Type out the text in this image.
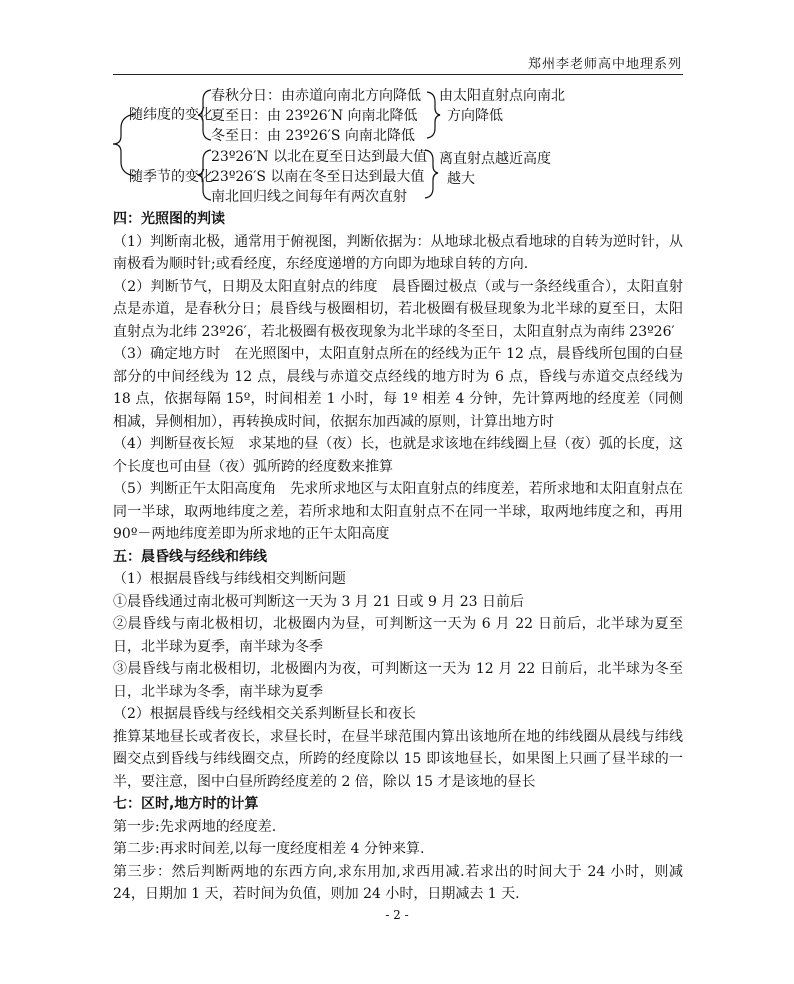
郑州李老师高中地理系列
随纬度的变化
春秋分日：由赤道向南北方向降低
夏至日：由 23º26′N 向南北降低
冬至日：由 23º26′S 向南北降低
由太阳直射点向南北
方向降低
随季节的变化
23º26′N 以北在夏至日达到最大值
23º26′S 以南在冬至日达到最大值
南北回归线之间每年有两次直射
离直射点越近高度
越大
四：光照图的判读

（1）判断南北极，通常用于俯视图，判断依据为：从地球北极点看地球的自转为逆时针，从南极看为顺时针;或看经度，东经度递增的方向即为地球自转的方向.

（2）判断节气，日期及太阳直射点的纬度　晨昏圈过极点（或与一条经线重合），太阳直射点是赤道，是春秋分日；晨昏线与极圈相切，若北极圈有极昼现象为北半球的夏至日，太阳直射点为北纬 23º26′，若北极圈有极夜现象为北半球的冬至日，太阳直射点为南纬 23º26′

（3）确定地方时　在光照图中，太阳直射点所在的经线为正午 12 点，晨昏线所包围的白昼部分的中间经线为 12 点，晨线与赤道交点经线的地方时为 6 点，昏线与赤道交点经线为 18 点，依据每隔 15º，时间相差 1 小时，每 1º 相差 4 分钟，先计算两地的经度差（同侧相减，异侧相加），再转换成时间，依据东加西减的原则，计算出地方时

（4）判断昼夜长短　求某地的昼（夜）长，也就是求该地在纬线圈上昼（夜）弧的长度，这个长度也可由昼（夜）弧所跨的经度数来推算

（5）判断正午太阳高度角　先求所求地区与太阳直射点的纬度差，若所求地和太阳直射点在同一半球，取两地纬度之差，若所求地和太阳直射点不在同一半球，取两地纬度之和，再用 90º－两地纬度差即为所求地的正午太阳高度

五：晨昏线与经线和纬线

（1）根据晨昏线与纬线相交判断问题

①晨昏线通过南北极可判断这一天为 3 月 21 日或 9 月 23 日前后

②晨昏线与南北极相切，北极圈内为昼，可判断这一天为 6 月 22 日前后，北半球为夏至日，北半球为夏季，南半球为冬季

③晨昏线与南北极相切，北极圈内为夜，可判断这一天为 12 月 22 日前后，北半球为冬至日，北半球为冬季，南半球为夏季

（2）根据晨昏线与经线相交关系判断昼长和夜长

推算某地昼长或者夜长，求昼长时，在昼半球范围内算出该地所在地的纬线圈从晨线与纬线圈交点到昏线与纬线圈交点，所跨的经度除以 15 即该地昼长，如果图上只画了昼半球的一半，要注意，图中白昼所跨经度差的 2 倍，除以 15 才是该地的昼长

七：区时,地方时的计算

第一步:先求两地的经度差.

第二步:再求时间差,以每一度经度相差 4 分钟来算.

第三步：然后判断两地的东西方向,求东用加,求西用减.若求出的时间大于 24 小时，则减 24，日期加 1 天，若时间为负值，则加 24 小时，日期减去 1 天.

- 2 -
